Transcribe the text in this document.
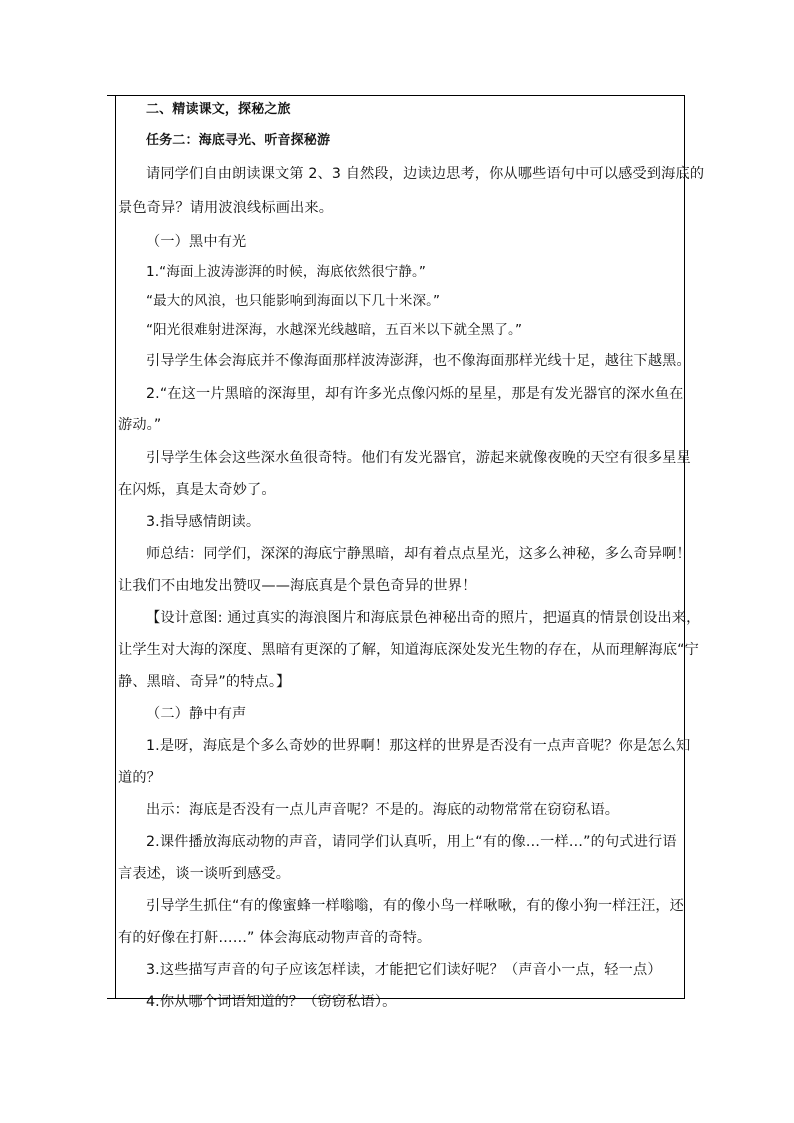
二、精读课文，探秘之旅
任务二：海底寻光、听音探秘游
请同学们自由朗读课文第 2、3 自然段，边读边思考，你从哪些语句中可以感受到海底的
景色奇异？请用波浪线标画出来。
（一）黑中有光
1.“海面上波涛澎湃的时候，海底依然很宁静。”
“最大的风浪，也只能影响到海面以下几十米深。”
“阳光很难射进深海，水越深光线越暗，五百米以下就全黑了。”
引导学生体会海底并不像海面那样波涛澎湃，也不像海面那样光线十足，越往下越黑。
2.“在这一片黑暗的深海里，却有许多光点像闪烁的星星，那是有发光器官的深水鱼在
游动。”
引导学生体会这些深水鱼很奇特。他们有发光器官，游起来就像夜晚的天空有很多星星
在闪烁，真是太奇妙了。
3.指导感情朗读。
师总结：同学们，深深的海底宁静黑暗，却有着点点星光，这多么神秘，多么奇异啊！
让我们不由地发出赞叹——海底真是个景色奇异的世界！
【设计意图: 通过真实的海浪图片和海底景色神秘出奇的照片，把逼真的情景创设出来，
让学生对大海的深度、黑暗有更深的了解，知道海底深处发光生物的存在，从而理解海底“宁
静、黑暗、奇异”的特点。】
（二）静中有声
1.是呀，海底是个多么奇妙的世界啊！那这样的世界是否没有一点声音呢？你是怎么知
道的？
出示：海底是否没有一点儿声音呢？不是的。海底的动物常常在窃窃私语。
2.课件播放海底动物的声音，请同学们认真听，用上“有的像…一样…”的句式进行语
言表述，谈一谈听到感受。
引导学生抓住“有的像蜜蜂一样嗡嗡，有的像小鸟一样啾啾，有的像小狗一样汪汪，还
有的好像在打鼾……” 体会海底动物声音的奇特。
3.这些描写声音的句子应该怎样读，才能把它们读好呢？（声音小一点，轻一点）
4.你从哪个词语知道的？（窃窃私语）。
